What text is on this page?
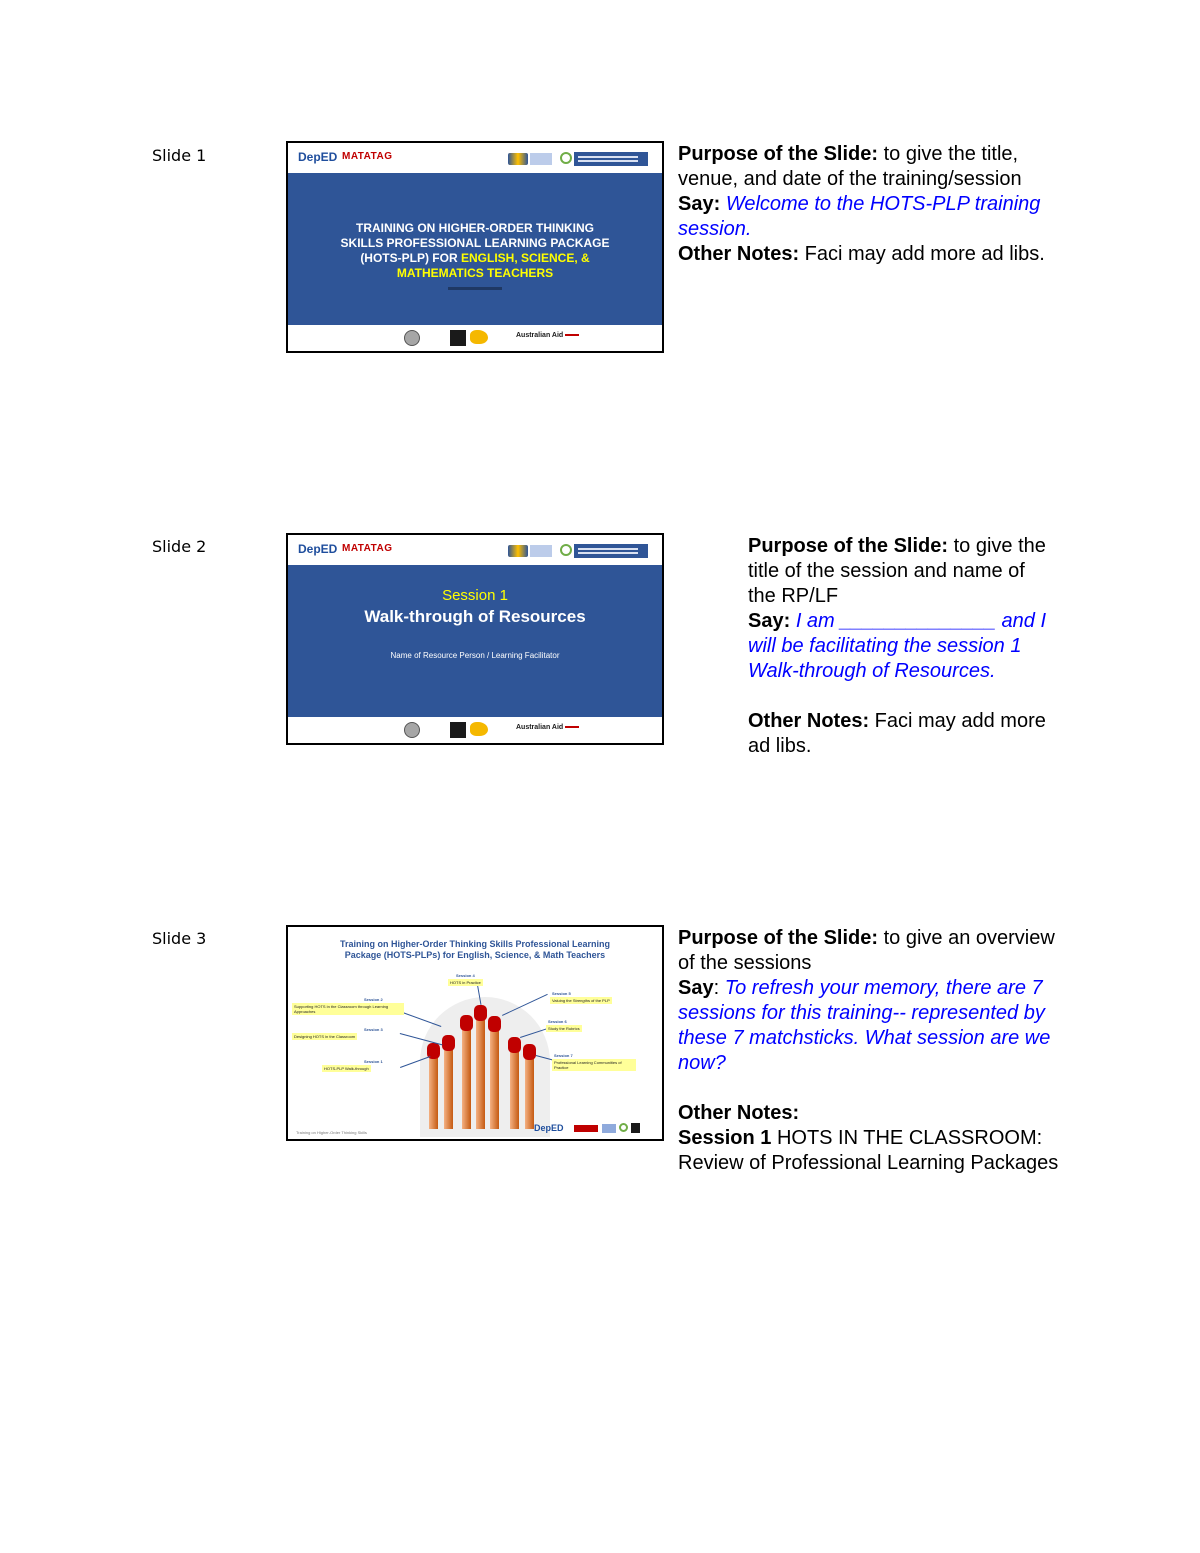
Slide 1	DepED MATATAG
TRAINING ON HIGHER-ORDER THINKING
SKILLS PROFESSIONAL LEARNING PACKAGE
(HOTS-PLP) FOR ENGLISH, SCIENCE, &
MATHEMATICS TEACHERS
Australian Aid
Purpose of the Slide: to give the title, venue, and date of the training/session
Say: Welcome to the HOTS-PLP training session.
Other Notes: Faci may add more ad libs.
Slide 2	DepED MATATAG
Session 1
Walk-through of Resources
Name of Resource Person / Learning Facilitator
Australian Aid
Purpose of the Slide: to give the title of the session and name of the RP/LF
Say: I am ______________ and I will be facilitating the session 1 Walk-through of Resources.

Other Notes: Faci may add more ad libs.
Slide 3	Training on Higher-Order Thinking Skills Professional Learning
Package (HOTS-PLPs) for English, Science, & Math Teachers
Session 1
HOTS-PLP Walk-through
Session 2
Supporting HOTS in the Classroom through Learning Approaches
Session 3
Designing HOTS in the Classroom
Session 4
HOTS in Practice
Session 5
Valuing the Strengths of the PLP
Session 6
Study the Rubrics
Session 7
Professional Learning Communities of Practice
Training on Higher-Order Thinking Skills	DepED
Purpose of the Slide: to give an overview of the sessions
Say: To refresh your memory, there are 7 sessions for this training-- represented by these 7 matchsticks. What session are we now?

Other Notes:
Session 1 HOTS IN THE CLASSROOM: Review of Professional Learning Packages
